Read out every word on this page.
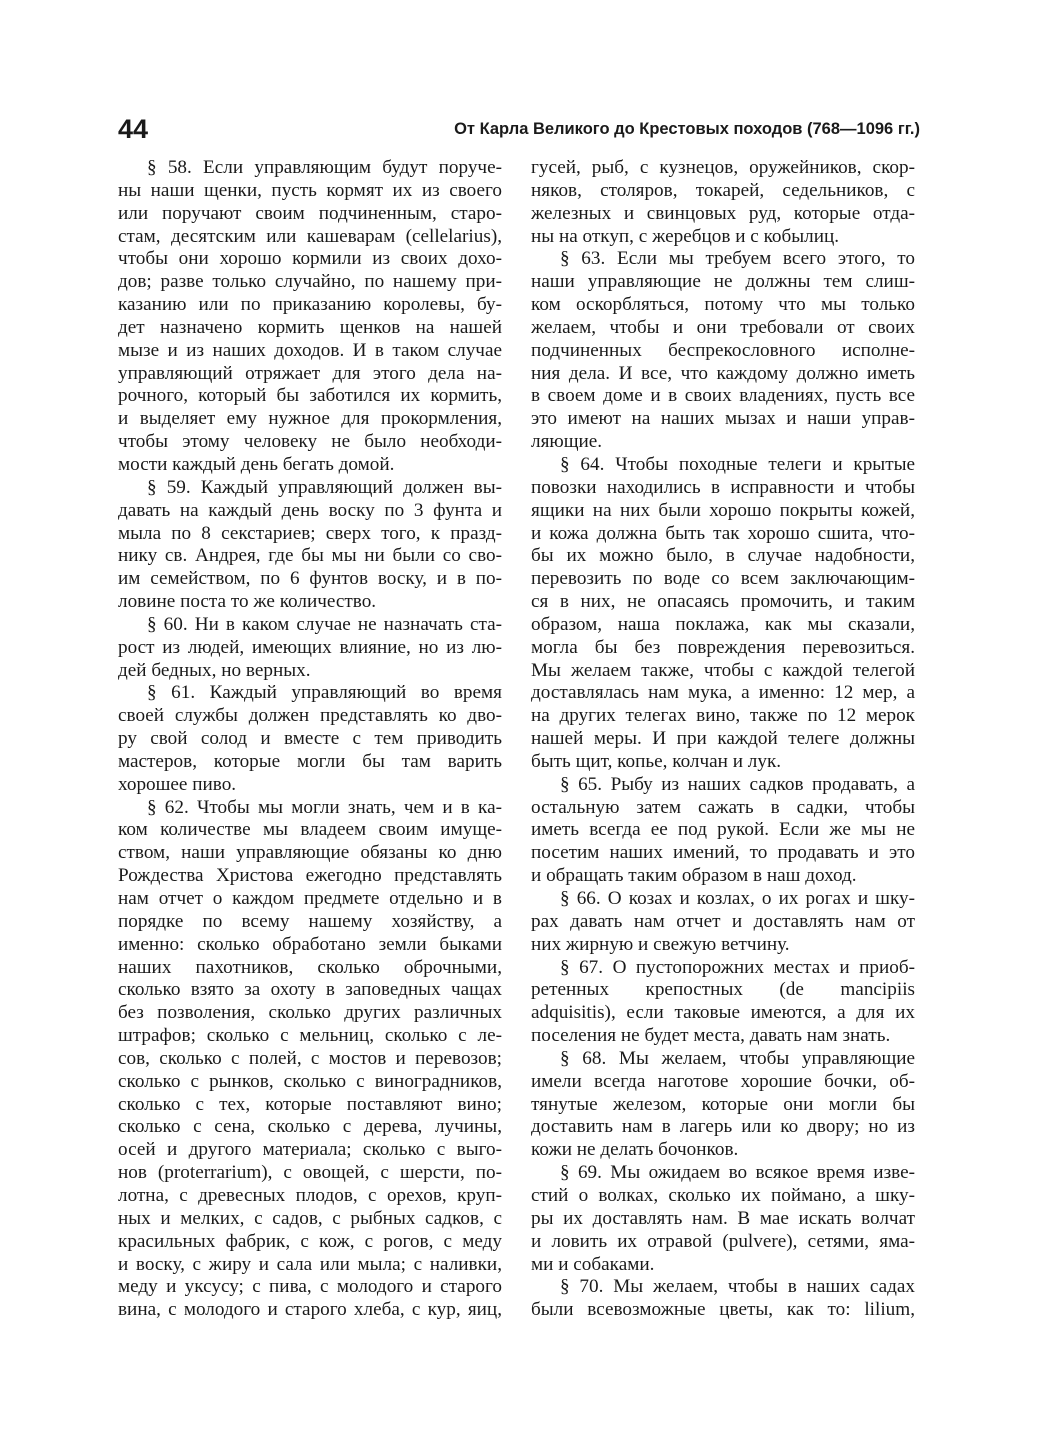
44	От Карла Великого до Крестовых походов (768—1096 гг.)
§ 58. Если управляющим будут поруче-
ны наши щенки, пусть кормят их из своего
или поручают своим подчиненным, старо-
стам, десятским или кашеварам (cellelarius),
чтобы они хорошо кормили из своих дохо-
дов; разве только случайно, по нашему при-
казанию или по приказанию королевы, бу-
дет назначено кормить щенков на нашей
мызе и из наших доходов. И в таком случае
управляющий отряжает для этого дела на-
рочного, который бы заботился их кормить,
и выделяет ему нужное для прокормления,
чтобы этому человеку не было необходи-
мости каждый день бегать домой.
§ 59. Каждый управляющий должен вы-
давать на каждый день воску по 3 фунта и
мыла по 8 секстариев; сверх того, к празд-
нику св. Андрея, где бы мы ни были со сво-
им семейством, по 6 фунтов воску, и в по-
ловине поста то же количество.
§ 60. Ни в каком случае не назначать ста-
рост из людей, имеющих влияние, но из лю-
дей бедных, но верных.
§ 61. Каждый управляющий во время
своей службы должен представлять ко дво-
ру свой солод и вместе с тем приводить
мастеров, которые могли бы там варить
хорошее пиво.
§ 62. Чтобы мы могли знать, чем и в ка-
ком количестве мы владеем своим имуще-
ством, наши управляющие обязаны ко дню
Рождества Христова ежегодно представлять
нам отчет о каждом предмете отдельно и в
порядке по всему нашему хозяйству, а
именно: сколько обработано земли быками
наших пахотников, сколько оброчными,
сколько взято за охоту в заповедных чащах
без позволения, сколько других различных
штрафов; сколько с мельниц, сколько с ле-
сов, сколько с полей, с мостов и перевозов;
сколько с рынков, сколько с виноградников,
сколько с тех, которые поставляют вино;
сколько с сена, сколько с дерева, лучины,
осей и другого материала; сколько с выго-
нов (proterrarium), с овощей, с шерсти, по-
лотна, с древесных плодов, с орехов, круп-
ных и мелких, с садов, с рыбных садков, с
красильных фабрик, с кож, с рогов, с меду
и воску, с жиру и сала или мыла; с наливки,
меду и уксусу; с пива, с молодого и старого
вина, с молодого и старого хлеба, с кур, яиц,
гусей, рыб, с кузнецов, оружейников, скор-
няков, столяров, токарей, седельников, с
железных и свинцовых руд, которые отда-
ны на откуп, с жеребцов и с кобылиц.
§ 63. Если мы требуем всего этого, то
наши управляющие не должны тем слиш-
ком оскорбляться, потому что мы только
желаем, чтобы и они требовали от своих
подчиненных беспрекословного исполне-
ния дела. И все, что каждому должно иметь
в своем доме и в своих владениях, пусть все
это имеют на наших мызах и наши управ-
ляющие.
§ 64. Чтобы походные телеги и крытые
повозки находились в исправности и чтобы
ящики на них были хорошо покрыты кожей,
и кожа должна быть так хорошо сшита, что-
бы их можно было, в случае надобности,
перевозить по воде со всем заключающим-
ся в них, не опасаясь промочить, и таким
образом, наша поклажа, как мы сказали,
могла бы без повреждения перевозиться.
Мы желаем также, чтобы с каждой телегой
доставлялась нам мука, а именно: 12 мер, а
на других телегах вино, также по 12 мерок
нашей меры. И при каждой телеге должны
быть щит, копье, колчан и лук.
§ 65. Рыбу из наших садков продавать, а
остальную затем сажать в садки, чтобы
иметь всегда ее под рукой. Если же мы не
посетим наших имений, то продавать и это
и обращать таким образом в наш доход.
§ 66. О козах и козлах, о их рогах и шку-
рах давать нам отчет и доставлять нам от
них жирную и свежую ветчину.
§ 67. О пустопорожних местах и приоб-
ретенных крепостных (de mancipiis
adquisitis), если таковые имеются, а для их
поселения не будет места, давать нам знать.
§ 68. Мы желаем, чтобы управляющие
имели всегда наготове хорошие бочки, об-
тянутые железом, которые они могли бы
доставить нам в лагерь или ко двору; но из
кожи не делать бочонков.
§ 69. Мы ожидаем во всякое время изве-
стий о волках, сколько их поймано, а шку-
ры их доставлять нам. В мае искать волчат
и ловить их отравой (pulvere), сетями, яма-
ми и собаками.
§ 70. Мы желаем, чтобы в наших садах
были всевозможные цветы, как то: lilium,
